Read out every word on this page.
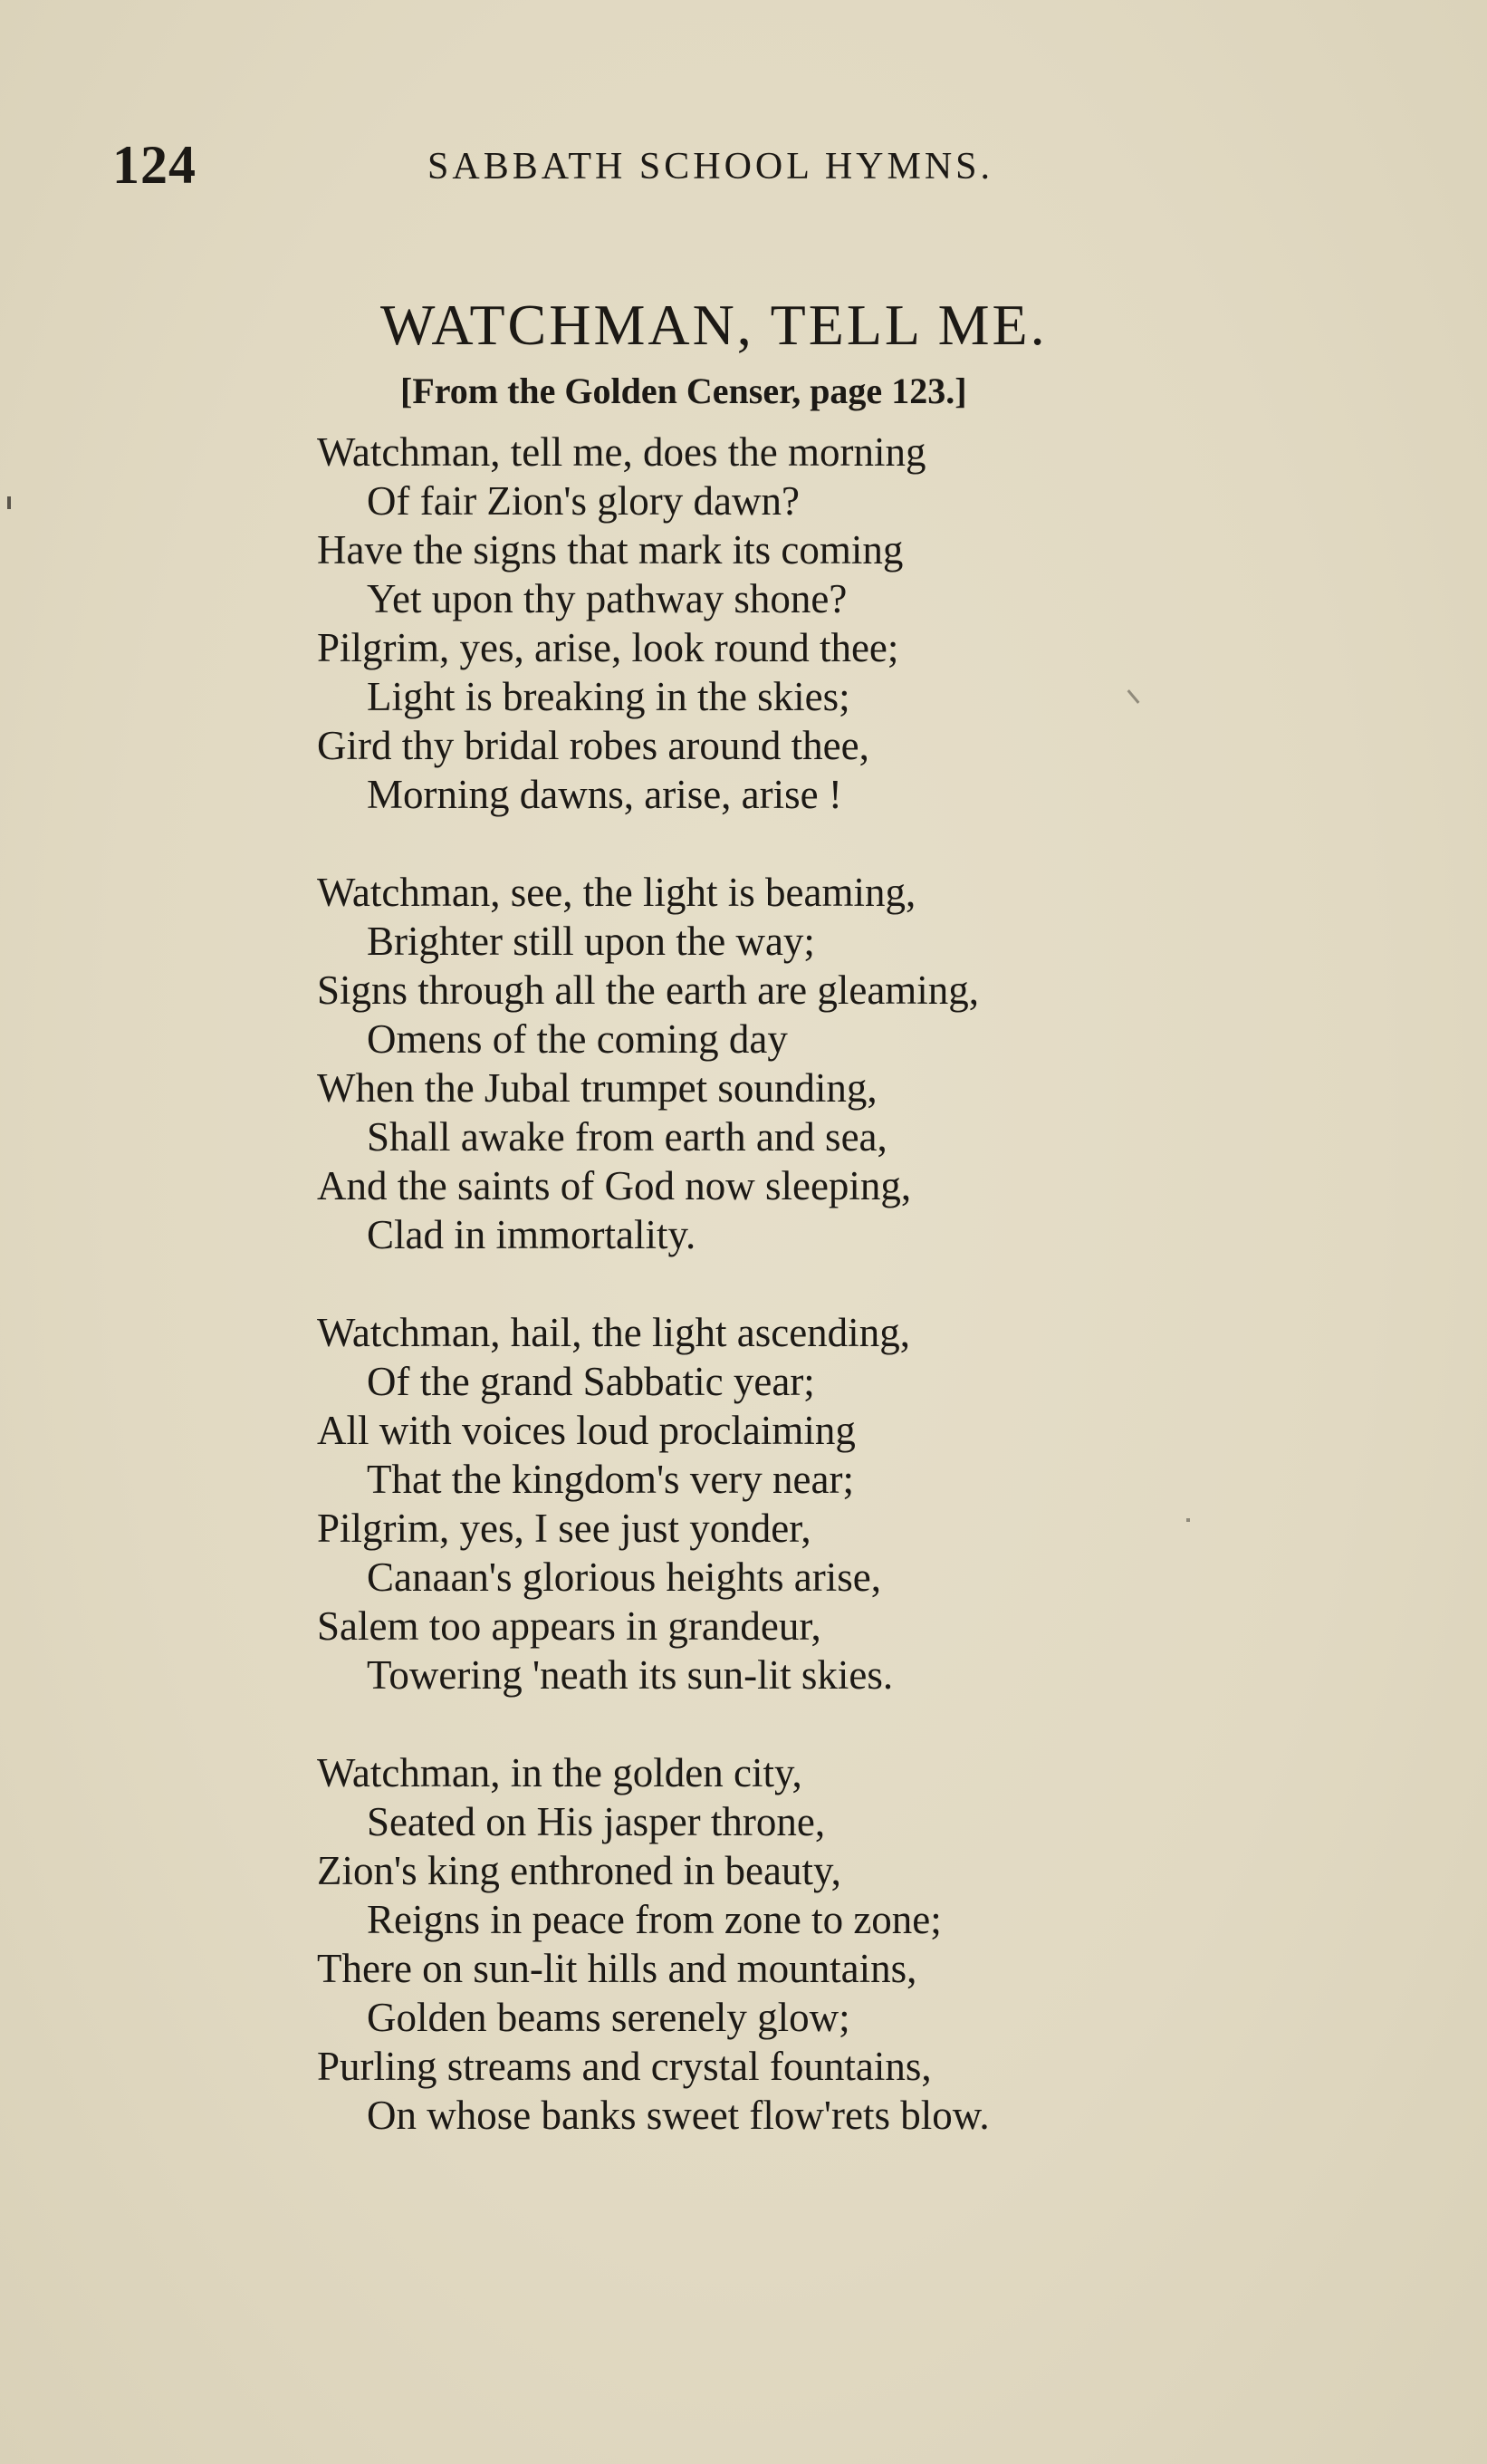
124	SABBATH SCHOOL HYMNS.
WATCHMAN, TELL ME.
[From the Golden Censer, page 123.]
Watchman, tell me, does the morning
Of fair Zion's glory dawn?
Have the signs that mark its coming
Yet upon thy pathway shone?
Pilgrim, yes, arise, look round thee;
Light is breaking in the skies;
Gird thy bridal robes around thee,
Morning dawns, arise, arise !
Watchman, see, the light is beaming,
Brighter still upon the way;
Signs through all the earth are gleaming,
Omens of the coming day
When the Jubal trumpet sounding,
Shall awake from earth and sea,
And the saints of God now sleeping,
Clad in immortality.
Watchman, hail, the light ascending,
Of the grand Sabbatic year;
All with voices loud proclaiming
That the kingdom's very near;
Pilgrim, yes, I see just yonder,
Canaan's glorious heights arise,
Salem too appears in grandeur,
Towering 'neath its sun-lit skies.
Watchman, in the golden city,
Seated on His jasper throne,
Zion's king enthroned in beauty,
Reigns in peace from zone to zone;
There on sun-lit hills and mountains,
Golden beams serenely glow;
Purling streams and crystal fountains,
On whose banks sweet flow'rets blow.
